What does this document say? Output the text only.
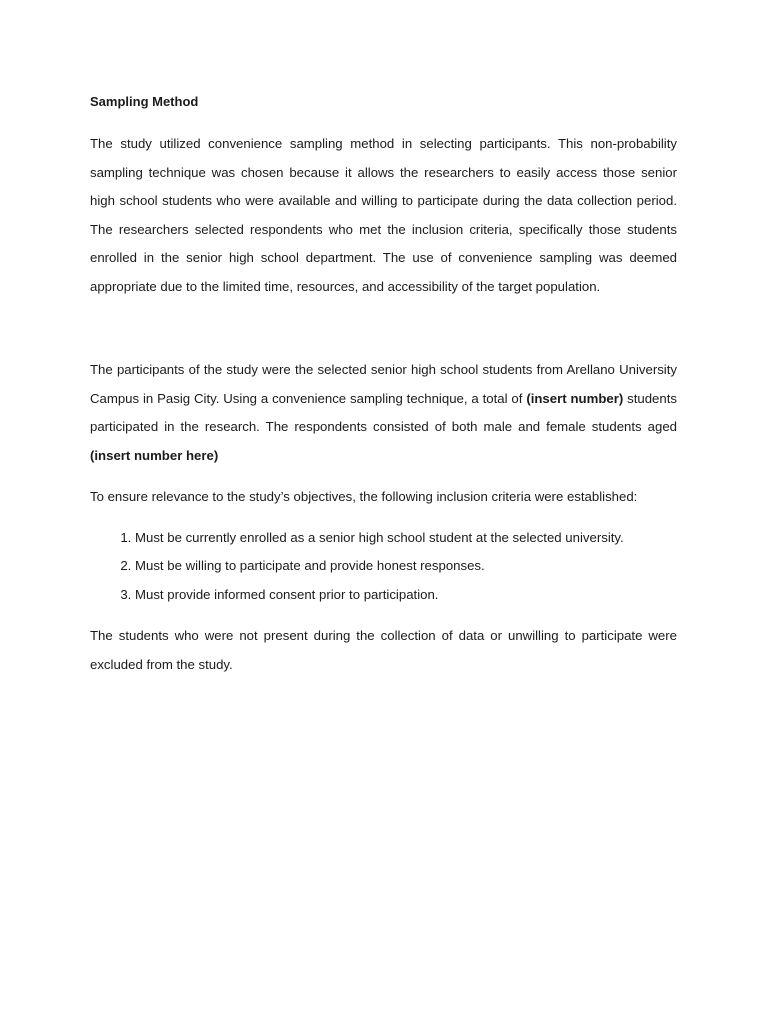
Sampling Method

The study utilized convenience sampling method in selecting participants. This non-probability sampling technique was chosen because it allows the researchers to easily access those senior high school students who were available and willing to participate during the data collection period. The researchers selected respondents who met the inclusion criteria, specifically those students enrolled in the senior high school department. The use of convenience sampling was deemed appropriate due to the limited time, resources, and accessibility of the target population.

The participants of the study were the selected senior high school students from Arellano University Campus in Pasig City. Using a convenience sampling technique, a total of (insert number) students participated in the research. The respondents consisted of both male and female students aged (insert number here)

To ensure relevance to the study’s objectives, the following inclusion criteria were established:

1. Must be currently enrolled as a senior high school student at the selected university.
2. Must be willing to participate and provide honest responses.
3. Must provide informed consent prior to participation.

The students who were not present during the collection of data or unwilling to participate were excluded from the study.
